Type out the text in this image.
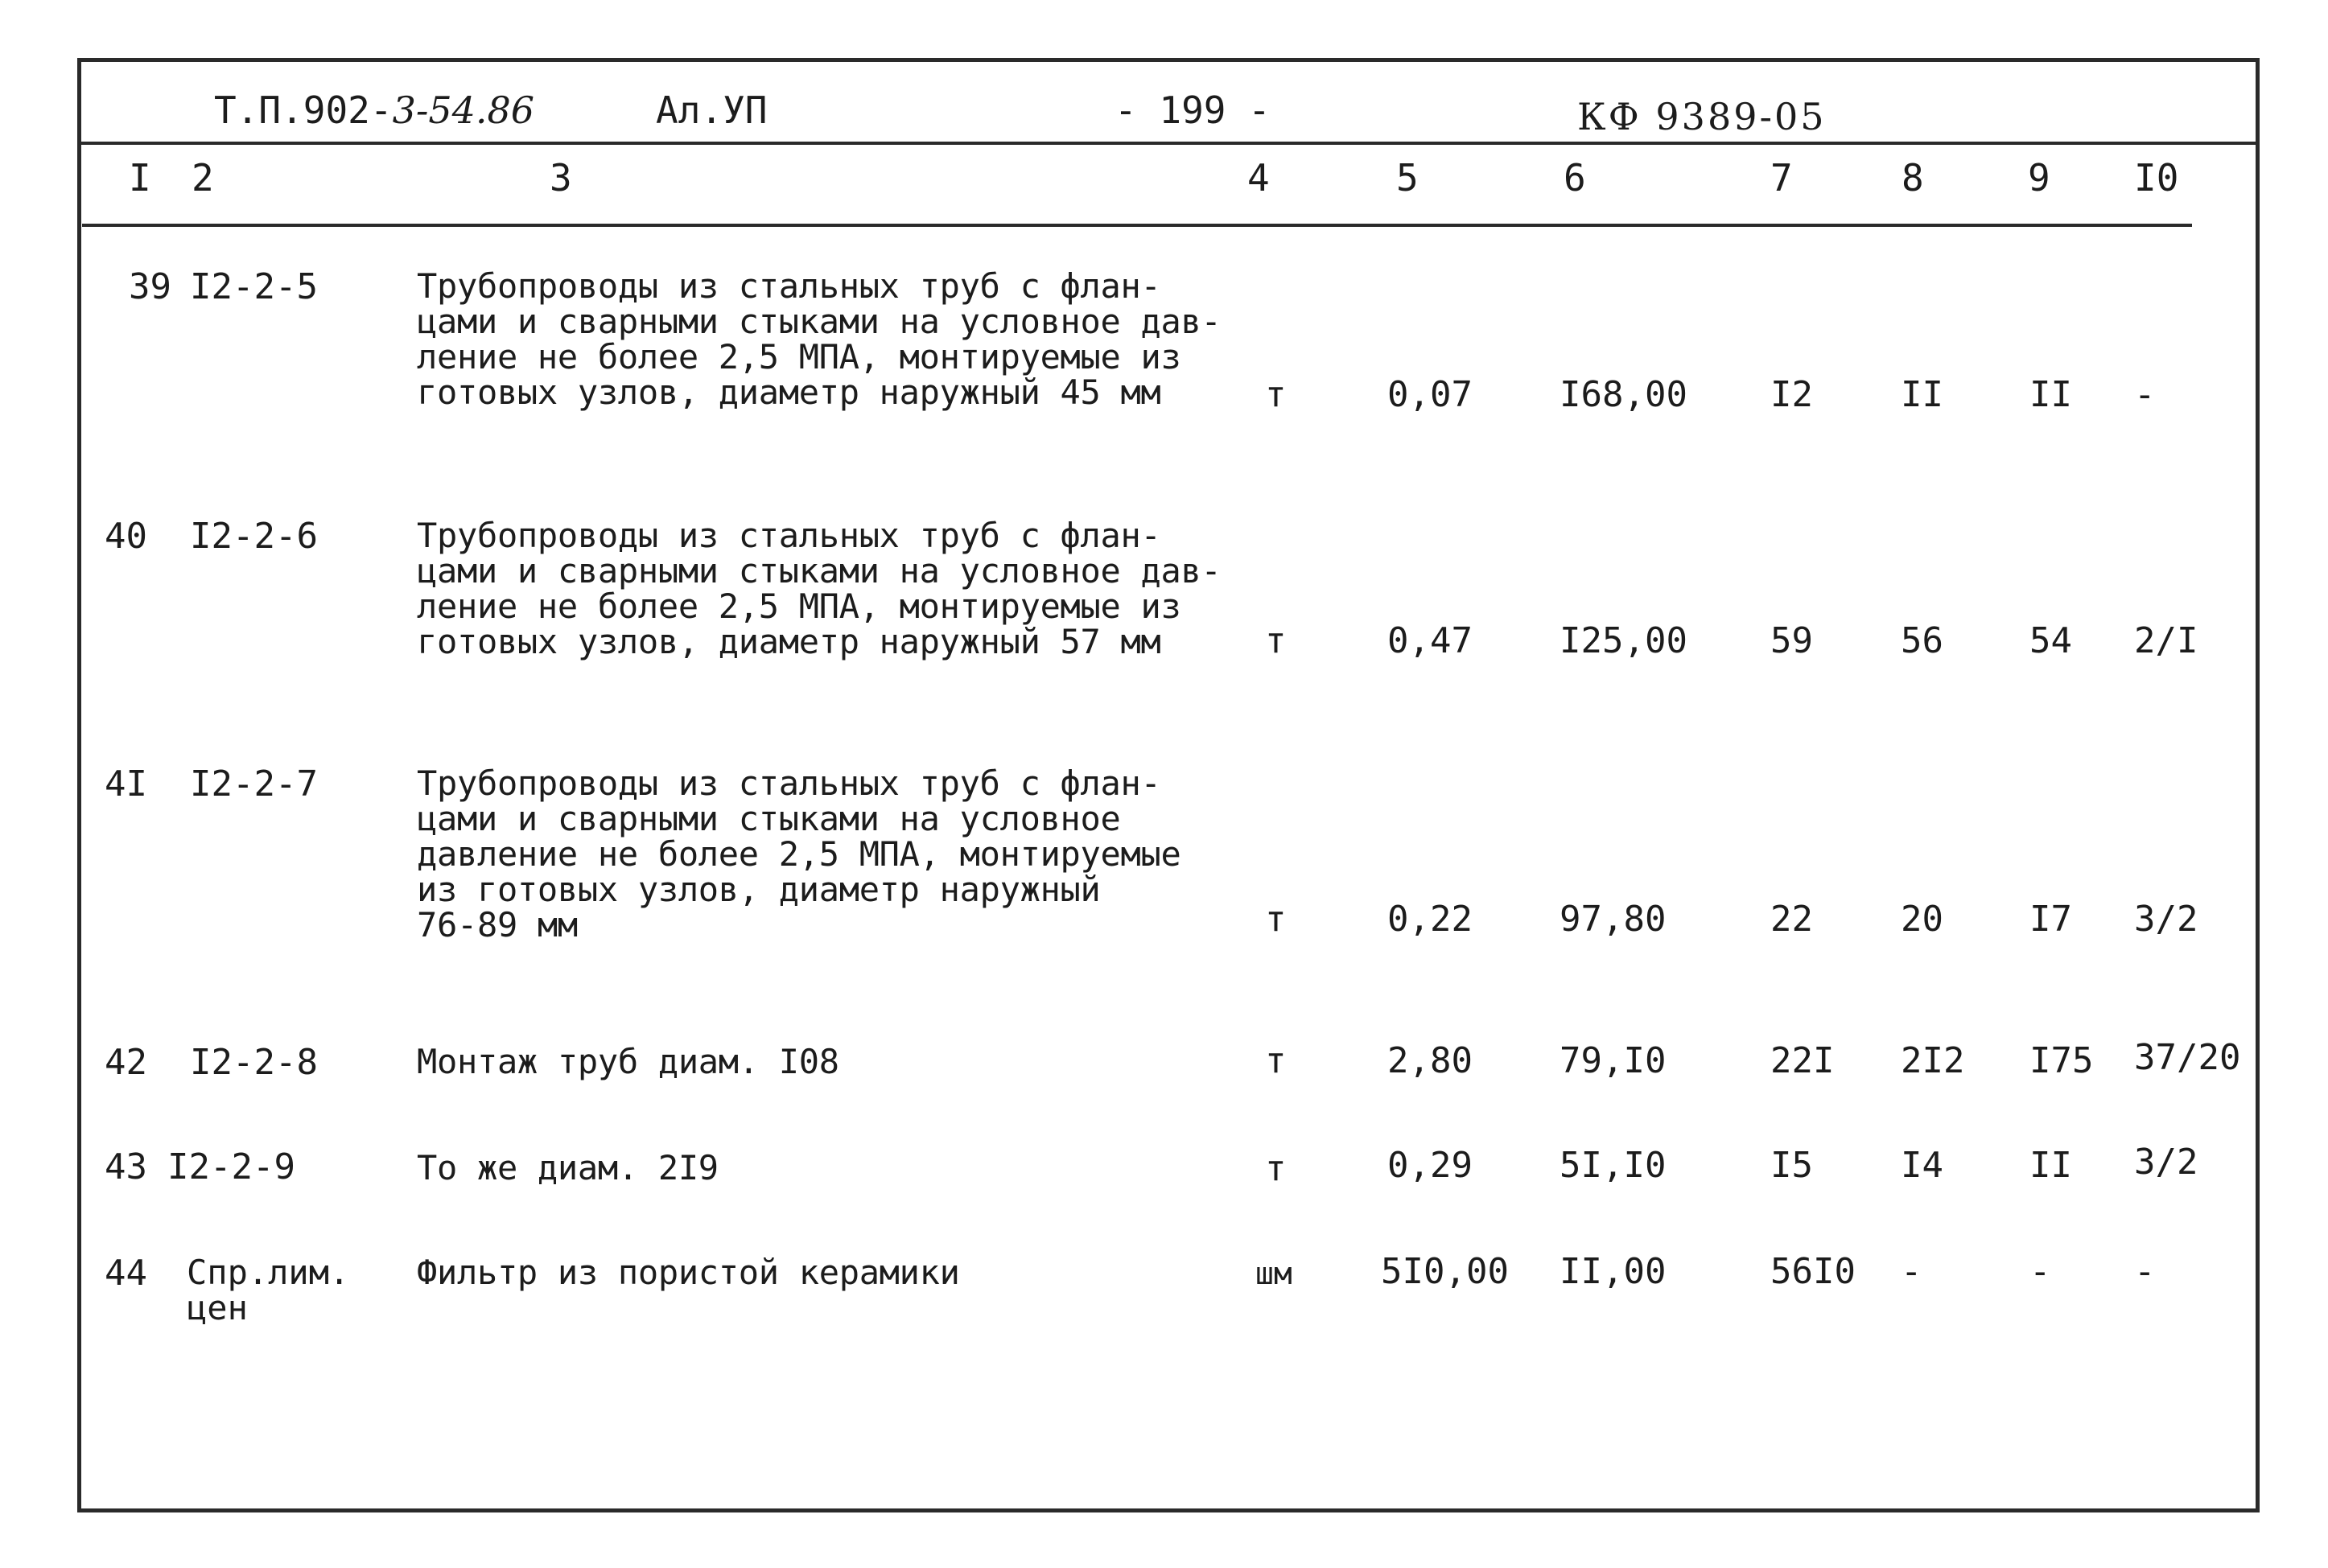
Т.П.902-3-54.86	Ал.УП	- 199 -	КФ 9389-05
I 2	3	4	5	6	7	8	9 I0
39 I2-2-5	Трубопроводы из стальных труб с флан-
цами и сварными стыками на условное дав-
ление не более 2,5 МПА, монтируемые из
готовых узлов, диаметр наружный 45 мм	т	0,07 I68,00 I2 II II -
40 I2-2-6	Трубопроводы из стальных труб с флан-
цами и сварными стыками на условное дав-
ление не более 2,5 МПА, монтируемые из
готовых узлов, диаметр наружный 57 мм	т	0,47 I25,00 59 56 54 2/I
4I I2-2-7	Трубопроводы из стальных труб с флан-
цами и сварными стыками на условное
давление не более 2,5 МПА, монтируемые
из готовых узлов, диаметр наружный
76-89 мм	т	0,22 97,80	22 20 I7 3/2
42 I2-2-8	Монтаж труб диам. I08	т	2,80 79,I0	22I 2I2 I75 37/20
43 I2-2-9	То же диам. 2I9	т	0,29 5I,I0	I5 I4 II 3/2
44 Спр.лим.
цен
Фильтр из пористой керамики	шм	5I0,00 II,00	56I0 -	- -
